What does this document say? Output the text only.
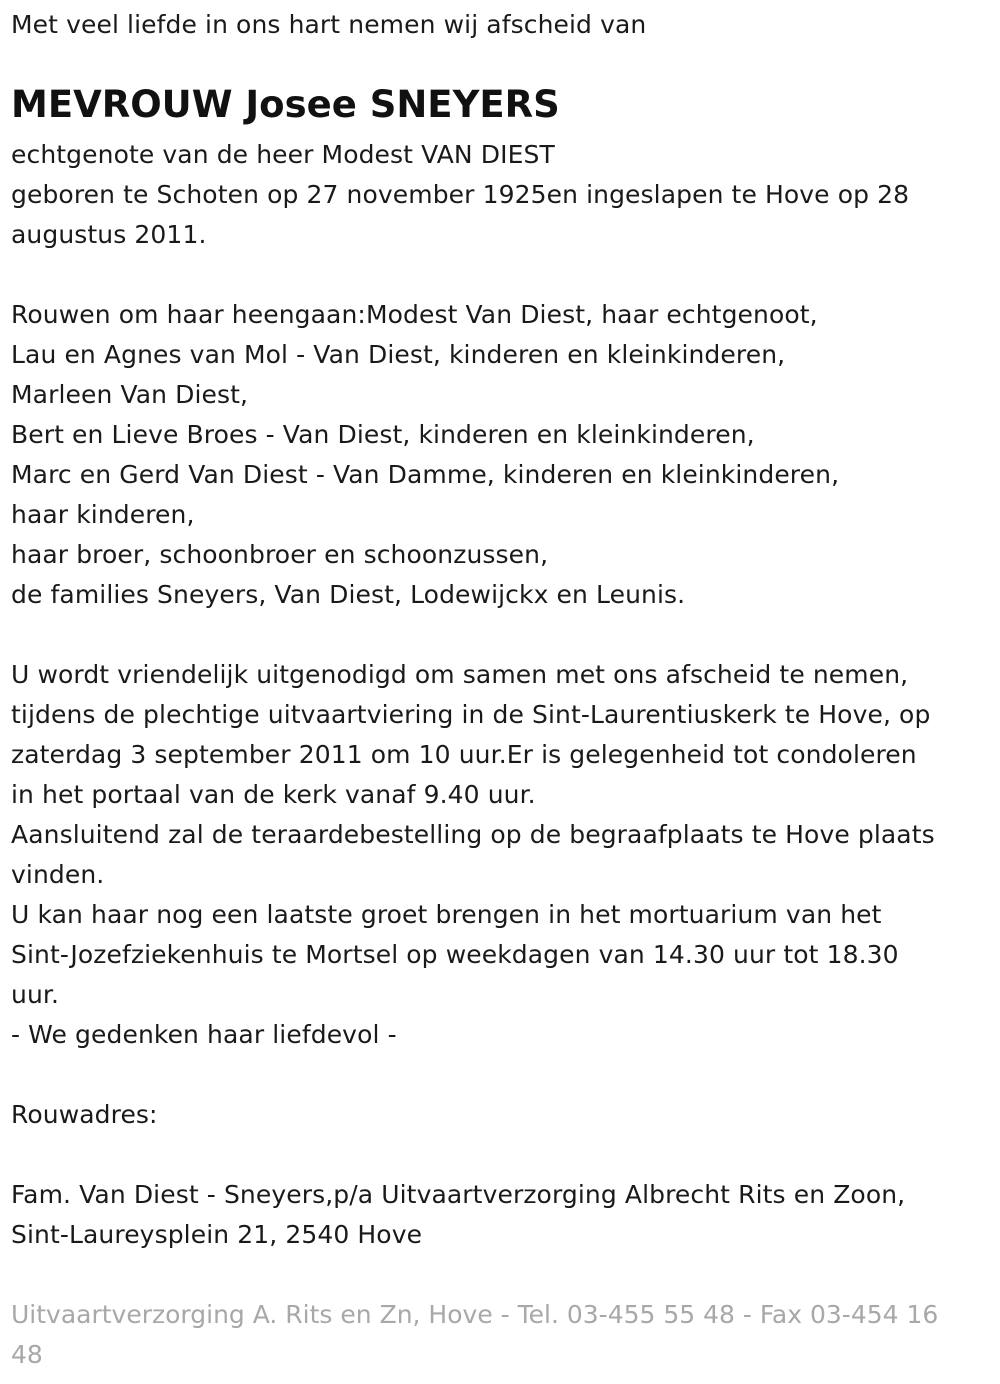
Met veel liefde in ons hart nemen wij afscheid van
MEVROUW Josee SNEYERS
echtgenote van de heer Modest VAN DIEST
geboren te Schoten op 27 november 1925en ingeslapen te Hove op 28
augustus 2011.
Rouwen om haar heengaan:Modest Van Diest, haar echtgenoot,
Lau en Agnes van Mol - Van Diest, kinderen en kleinkinderen,
Marleen Van Diest,
Bert en Lieve Broes - Van Diest, kinderen en kleinkinderen,
Marc en Gerd Van Diest - Van Damme, kinderen en kleinkinderen,
haar kinderen,
haar broer, schoonbroer en schoonzussen,
de families Sneyers, Van Diest, Lodewijckx en Leunis.
U wordt vriendelijk uitgenodigd om samen met ons afscheid te nemen,
tijdens de plechtige uitvaartviering in de Sint-Laurentiuskerk te Hove, op
zaterdag 3 september 2011 om 10 uur.Er is gelegenheid tot condoleren
in het portaal van de kerk vanaf 9.40 uur.
Aansluitend zal de teraardebestelling op de begraafplaats te Hove plaats
vinden.
U kan haar nog een laatste groet brengen in het mortuarium van het
Sint-Jozefziekenhuis te Mortsel op weekdagen van 14.30 uur tot 18.30
uur.
- We gedenken haar liefdevol -
Rouwadres:
Fam. Van Diest - Sneyers,p/a Uitvaartverzorging Albrecht Rits en Zoon,
Sint-Laureysplein 21, 2540 Hove
Uitvaartverzorging A. Rits en Zn, Hove - Tel. 03-455 55 48 - Fax 03-454 16
48
